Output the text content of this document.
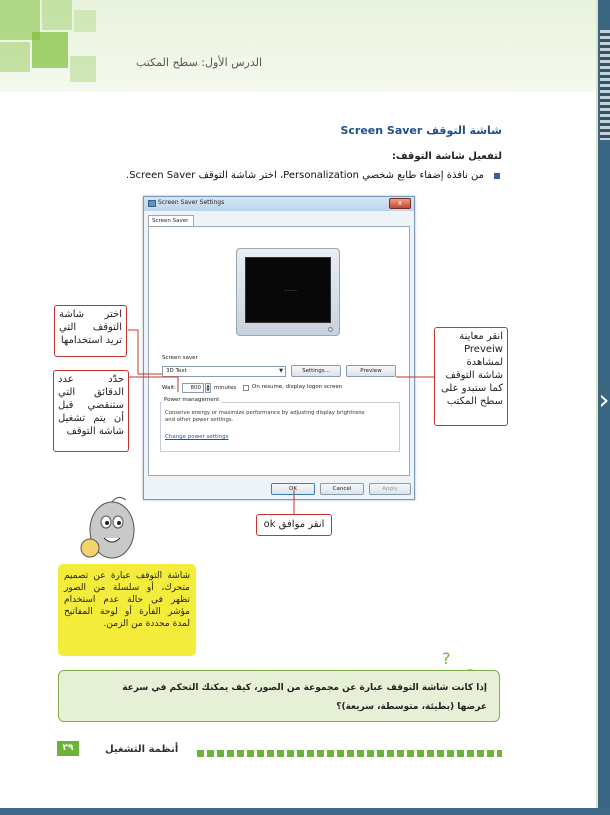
الدرس الأول: سطح المكتب
شاشة التوقف Screen Saver
لتفعيل شاشة التوقف:
من نافذة إضفاء طابع شخصي Personalization، اختر شاشة التوقف Screen Saver.
Screen Saver Settings	x
Screen Saver
~~~~
Screen saver
3D Text	▼	Settings...	Preview
Wait:	800	▲
▼ minutes	On resume, display logon screen
Power management
Conserve energy or maximize performance by adjusting display brightness and other power settings.
Change power settings
OK	Cancel	Apply
اختر شاشة التوقف التي تريد استخدامها
حدّد عدد الدقائق التي ستنقضي قبل أن يتم تشغيل شاشة التوقف
انقر معاينة Preveiw لمشاهدة شاشة التوقف كما ستبدو على سطح المكتب
انقر موافق ok
شاشة التوقف عبارة عن تصميم متحرك، أو سلسلة من الصور تظهر في حالة عدم استخدام مؤشر الفأرة أو لوحة المفاتيح لمدة محددة من الزمن.
?
إذا كانت شاشة التوقف عبارة عن مجموعة من الصور، كيف يمكنك التحكم في سرعة عرضها (بطيئة، متوسطة، سريعة)؟
٢٩	أنظمة التشغيل
›
